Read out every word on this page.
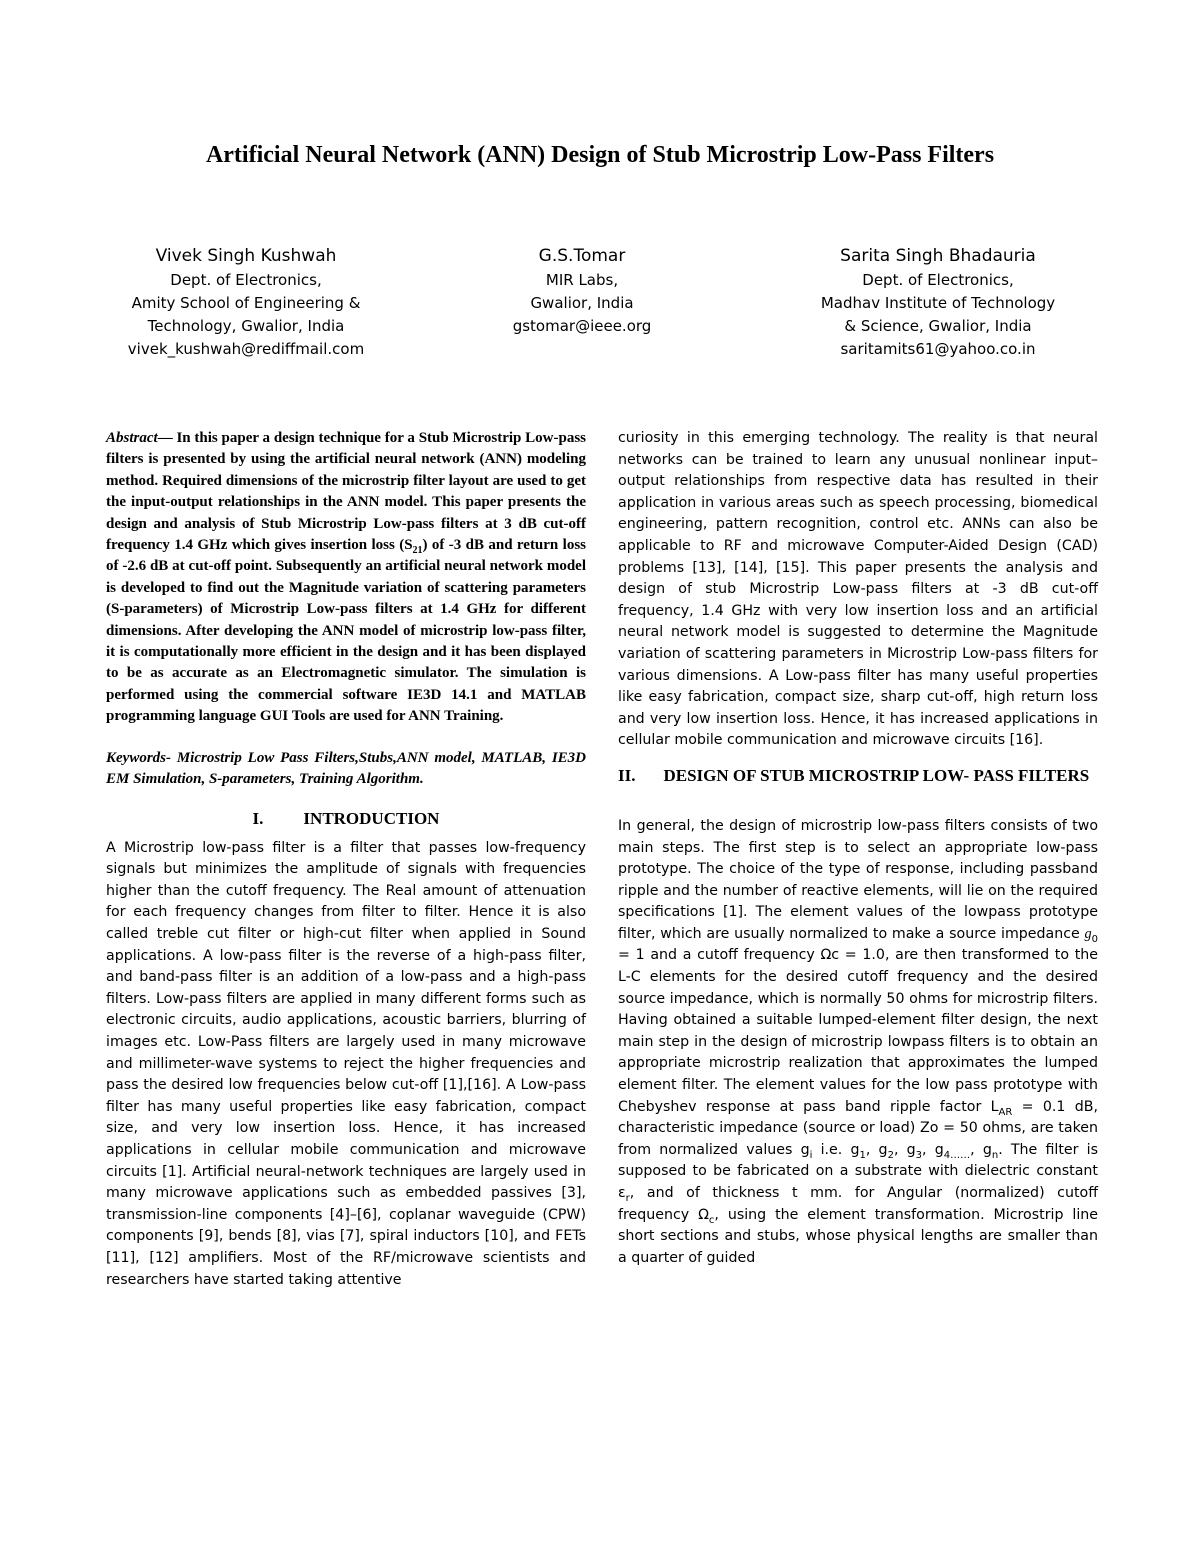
Artificial Neural Network (ANN) Design of Stub Microstrip Low-Pass Filters
Vivek Singh Kushwah
Dept. of Electronics,
Amity School of Engineering &
Technology, Gwalior, India
vivek_kushwah@rediffmail.com
G.S.Tomar
MIR Labs,
Gwalior, India
gstomar@ieee.org
Sarita Singh Bhadauria
Dept. of Electronics,
Madhav Institute of Technology
& Science, Gwalior, India
saritamits61@yahoo.co.in

Abstract— In this paper a design technique for a Stub Microstrip Low-pass filters is presented by using the artificial neural network (ANN) modeling method. Required dimensions of the microstrip filter layout are used to get the input-output relationships in the ANN model. This paper presents the design and analysis of Stub Microstrip Low-pass filters at 3 dB cut-off frequency 1.4 GHz which gives insertion loss $(S_{21})$ of -3 dB and return loss of -2.6 dB at cut-off point. Subsequently an artificial neural network model is developed to find out the Magnitude variation of scattering parameters (S-parameters) of Microstrip Low-pass filters at 1.4 GHz for different dimensions. After developing the ANN model of microstrip low-pass filter, it is computationally more efficient in the design and it has been displayed to be as accurate as an Electromagnetic simulator. The simulation is performed using the commercial software IE3D 14.1 and MATLAB programming language GUI Tools are used for ANN Training.

Keywords- Microstrip Low Pass Filters,Stubs,ANN model, MATLAB, IE3D EM Simulation, S-parameters, Training Algorithm.

I. INTRODUCTION

A Microstrip low-pass filter is a filter that passes low-frequency signals but minimizes the amplitude of signals with frequencies higher than the cutoff frequency. The Real amount of attenuation for each frequency changes from filter to filter. Hence it is also called treble cut filter or high-cut filter when applied in Sound applications. A low-pass filter is the reverse of a high-pass filter, and band-pass filter is an addition of a low-pass and a high-pass filters. Low-pass filters are applied in many different forms such as electronic circuits, audio applications, acoustic barriers, blurring of images etc. Low-Pass filters are largely used in many microwave and millimeter-wave systems to reject the higher frequencies and pass the desired low frequencies below cut-off [1],[16]. A Low-pass filter has many useful properties like easy fabrication, compact size, and very low insertion loss. Hence, it has increased applications in cellular mobile communication and microwave circuits [1]. Artificial neural-network techniques are largely used in many microwave applications such as embedded passives [3], transmission-line components [4]–[6], coplanar waveguide (CPW) components [9], bends [8], vias [7], spiral inductors [10], and FETs [11], [12] amplifiers. Most of the RF/microwave scientists and researchers have started taking attentive

curiosity in this emerging technology. The reality is that neural networks can be trained to learn any unusual nonlinear input–output relationships from respective data has resulted in their application in various areas such as speech processing, biomedical engineering, pattern recognition, control etc. ANNs can also be applicable to RF and microwave Computer-Aided Design (CAD) problems [13], [14], [15]. This paper presents the analysis and design of stub Microstrip Low-pass filters at -3 dB cut-off frequency, 1.4 GHz with very low insertion loss and an artificial neural network model is suggested to determine the Magnitude variation of scattering parameters in Microstrip Low-pass filters for various dimensions. A Low-pass filter has many useful properties like easy fabrication, compact size, sharp cut-off, high return loss and very low insertion loss. Hence, it has increased applications in cellular mobile communication and microwave circuits [16].

II. DESIGN OF STUB MICROSTRIP LOW- PASS FILTERS

In general, the design of microstrip low-pass filters consists of two main steps. The first step is to select an appropriate low-pass prototype. The choice of the type of response, including passband ripple and the number of reactive elements, will lie on the required specifications [1]. The element values of the lowpass prototype filter, which are usually normalized to make a source impedance $g_0 = 1$ and a cutoff frequency Ωc = 1.0, are then transformed to the L-C elements for the desired cutoff frequency and the desired source impedance, which is normally 50 ohms for microstrip filters. Having obtained a suitable lumped-element filter design, the next main step in the design of microstrip lowpass filters is to obtain an appropriate microstrip realization that approximates the lumped element filter. The element values for the low pass prototype with Chebyshev response at pass band ripple factor $L_{AR} = 0.1$ dB, characteristic impedance (source or load) Zo = 50 ohms, are taken from normalized values $g_i$ i.e. $g_1$, $g_2$, $g_3$, $g_{4\dots\dots}$, $g_n$. The filter is supposed to be fabricated on a substrate with dielectric constant $\varepsilon_r$, and of thickness t mm. for Angular (normalized) cutoff frequency $\Omega_c$, using the element transformation. Microstrip line short sections and stubs, whose physical lengths are smaller than a quarter of guided
